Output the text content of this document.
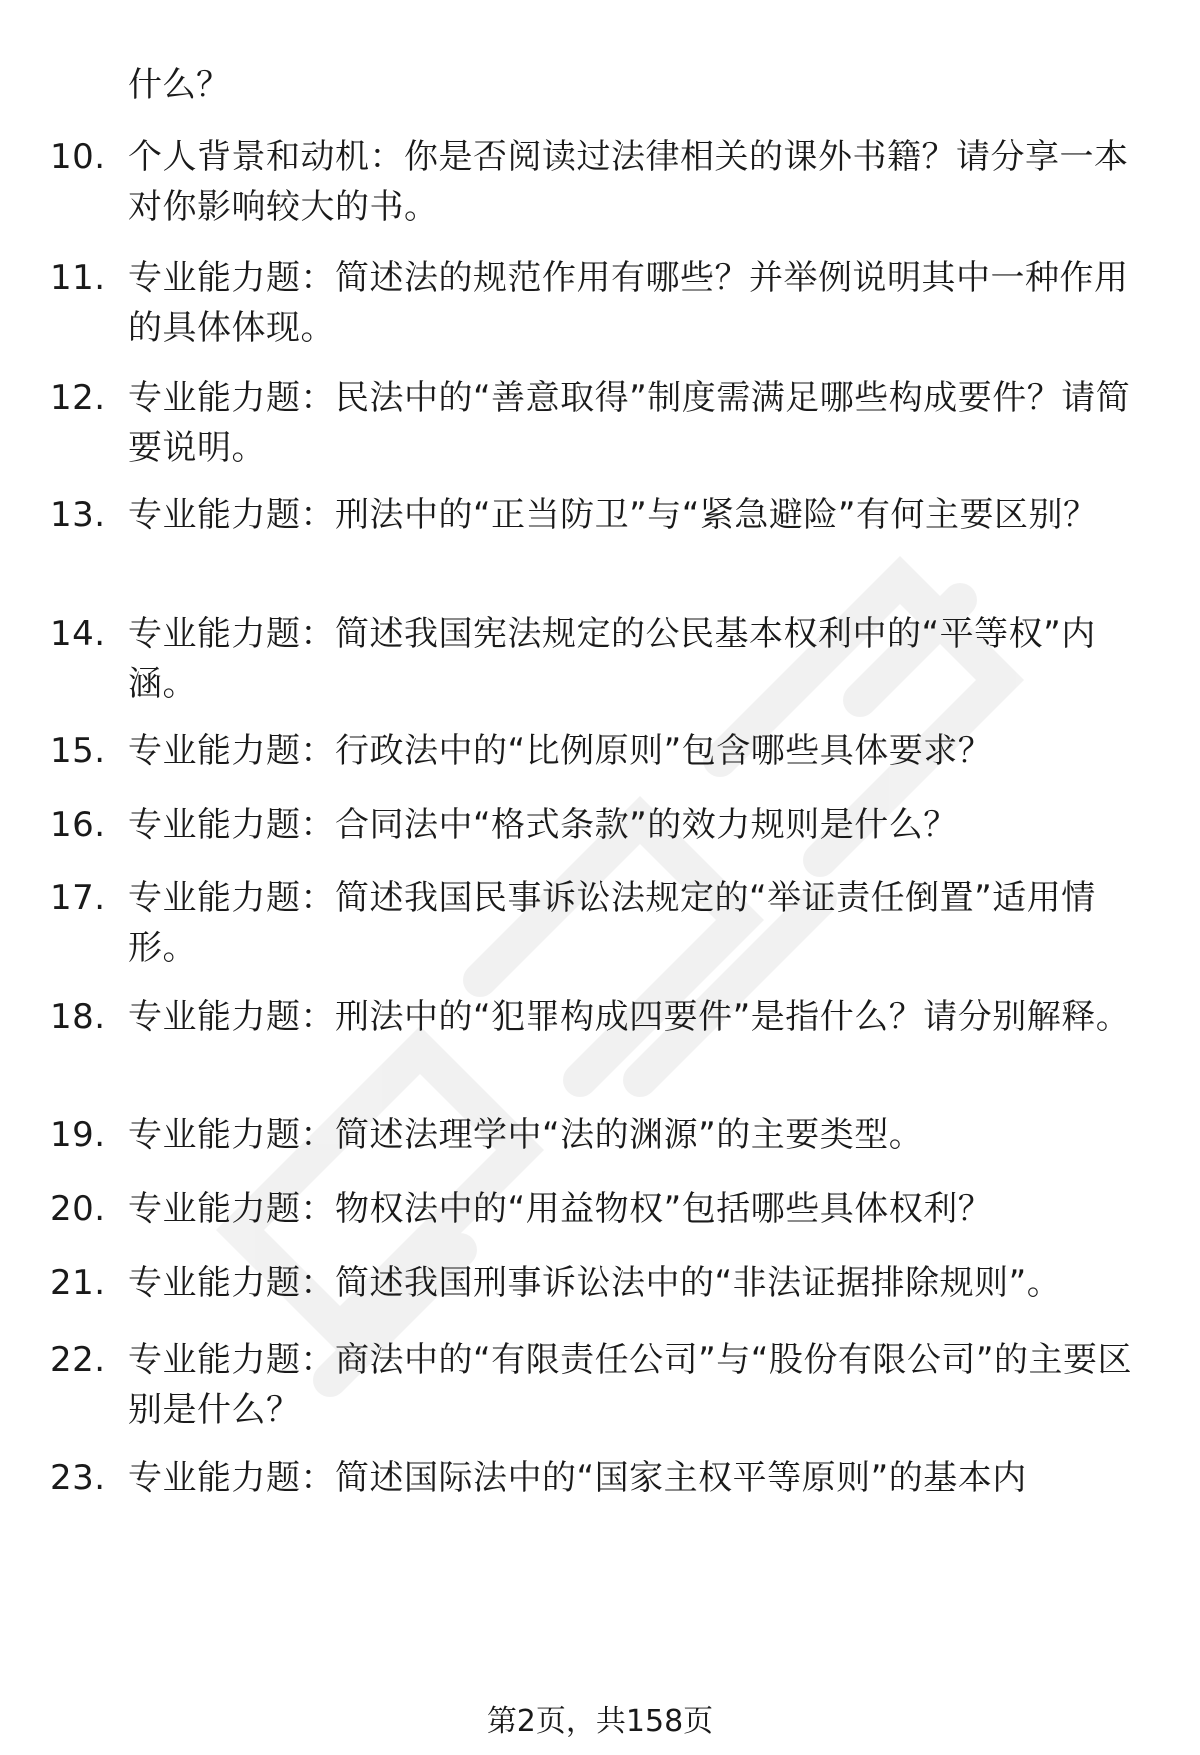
什么？
10. 个人背景和动机：你是否阅读过法律相关的课外书籍？请分享一本对你影响较大的书。
11. 专业能力题：简述法的规范作用有哪些？并举例说明其中一种作用的具体体现。
12. 专业能力题：民法中的“善意取得”制度需满足哪些构成要件？请简要说明。
13. 专业能力题：刑法中的“正当防卫”与“紧急避险”有何主要区别？
14. 专业能力题：简述我国宪法规定的公民基本权利中的“平等权”内涵。
15. 专业能力题：行政法中的“比例原则”包含哪些具体要求？
16. 专业能力题：合同法中“格式条款”的效力规则是什么？
17. 专业能力题：简述我国民事诉讼法规定的“举证责任倒置”适用情形。
18. 专业能力题：刑法中的“犯罪构成四要件”是指什么？请分别解释。
19. 专业能力题：简述法理学中“法的渊源”的主要类型。
20. 专业能力题：物权法中的“用益物权”包括哪些具体权利？
21. 专业能力题：简述我国刑事诉讼法中的“非法证据排除规则”。
22. 专业能力题：商法中的“有限责任公司”与“股份有限公司”的主要区别是什么？
23. 专业能力题：简述国际法中的“国家主权平等原则”的基本内
第2页，共158页
